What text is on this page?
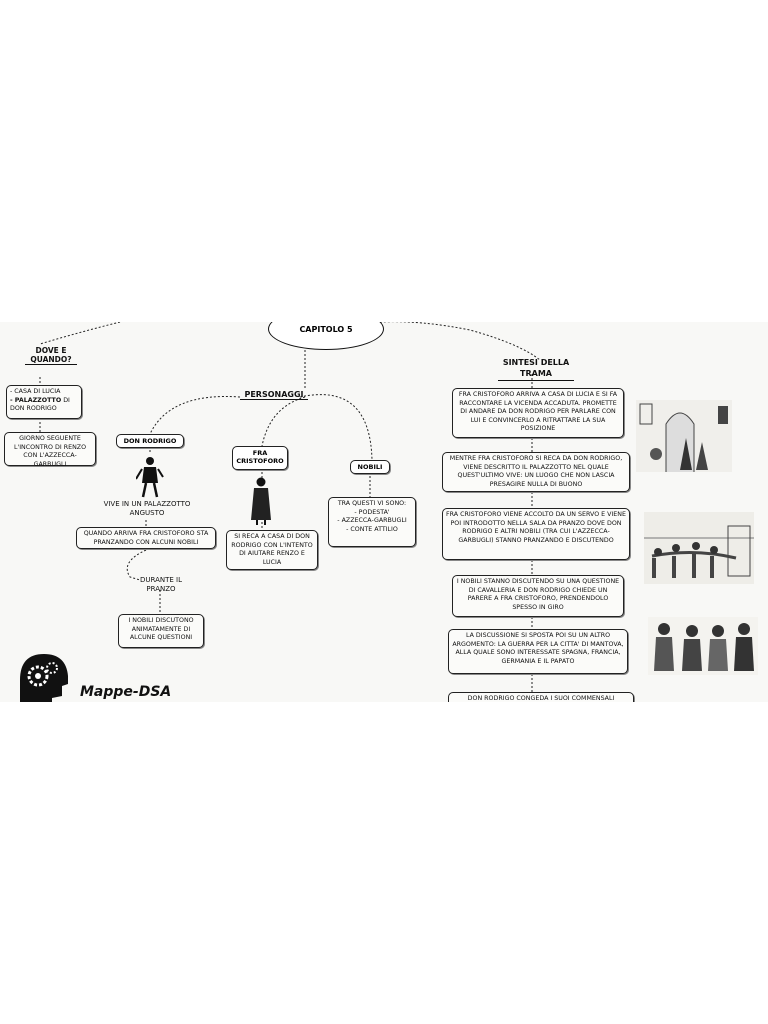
CAPITOLO 5
DOVE E QUANDO?
- CASA DI LUCIA
- PALAZZOTTO DI DON RODRIGO
GIORNO SEGUENTE L'INCONTRO DI RENZO CON L'AZZECCA-GARBUGLI
PERSONAGGI
DON RODRIGO
VIVE IN UN PALAZZOTTO ANGUSTO
QUANDO ARRIVA FRA CRISTOFORO STA PRANZANDO CON ALCUNI NOBILI
DURANTE IL PRANZO
I NOBILI DISCUTONO ANIMATAMENTE DI ALCUNE QUESTIONI
FRA CRISTOFORO
SI RECA A CASA DI DON RODRIGO CON L'INTENTO DI AIUTARE RENZO E LUCIA
NOBILI
TRA QUESTI VI SONO:
- PODESTA'
- AZZECCA-GARBUGLI
- CONTE ATTILIO
SINTESI DELLA TRAMA
FRA CRISTOFORO ARRIVA A CASA DI LUCIA E SI FA RACCONTARE LA VICENDA ACCADUTA. PROMETTE DI ANDARE DA DON RODRIGO PER PARLARE CON LUI E CONVINCERLO A RITRATTARE LA SUA POSIZIONE
MENTRE FRA CRISTOFORO SI RECA DA DON RODRIGO, VIENE DESCRITTO IL PALAZZOTTO NEL QUALE QUEST'ULTIMO VIVE: UN LUOGO CHE NON LASCIA PRESAGIRE NULLA DI BUONO
FRA CRISTOFORO VIENE ACCOLTO DA UN SERVO E VIENE POI INTRODOTTO NELLA SALA DA PRANZO DOVE DON RODRIGO E ALTRI NOBILI (TRA CUI L'AZZECCA-GARBUGLI) STANNO PRANZANDO E DISCUTENDO
I NOBILI STANNO DISCUTENDO SU UNA QUESTIONE DI CAVALLERIA E DON RODRIGO CHIEDE UN PARERE A FRA CRISTOFORO, PRENDENDOLO SPESSO IN GIRO
LA DISCUSSIONE SI SPOSTA POI SU UN ALTRO ARGOMENTO: LA GUERRA PER LA CITTA' DI MANTOVA, ALLA QUALE SONO INTERESSATE SPAGNA, FRANCIA, GERMANIA E IL PAPATO
DON RODRIGO CONGEDA I SUOI COMMENSALI
Mappe-DSA
